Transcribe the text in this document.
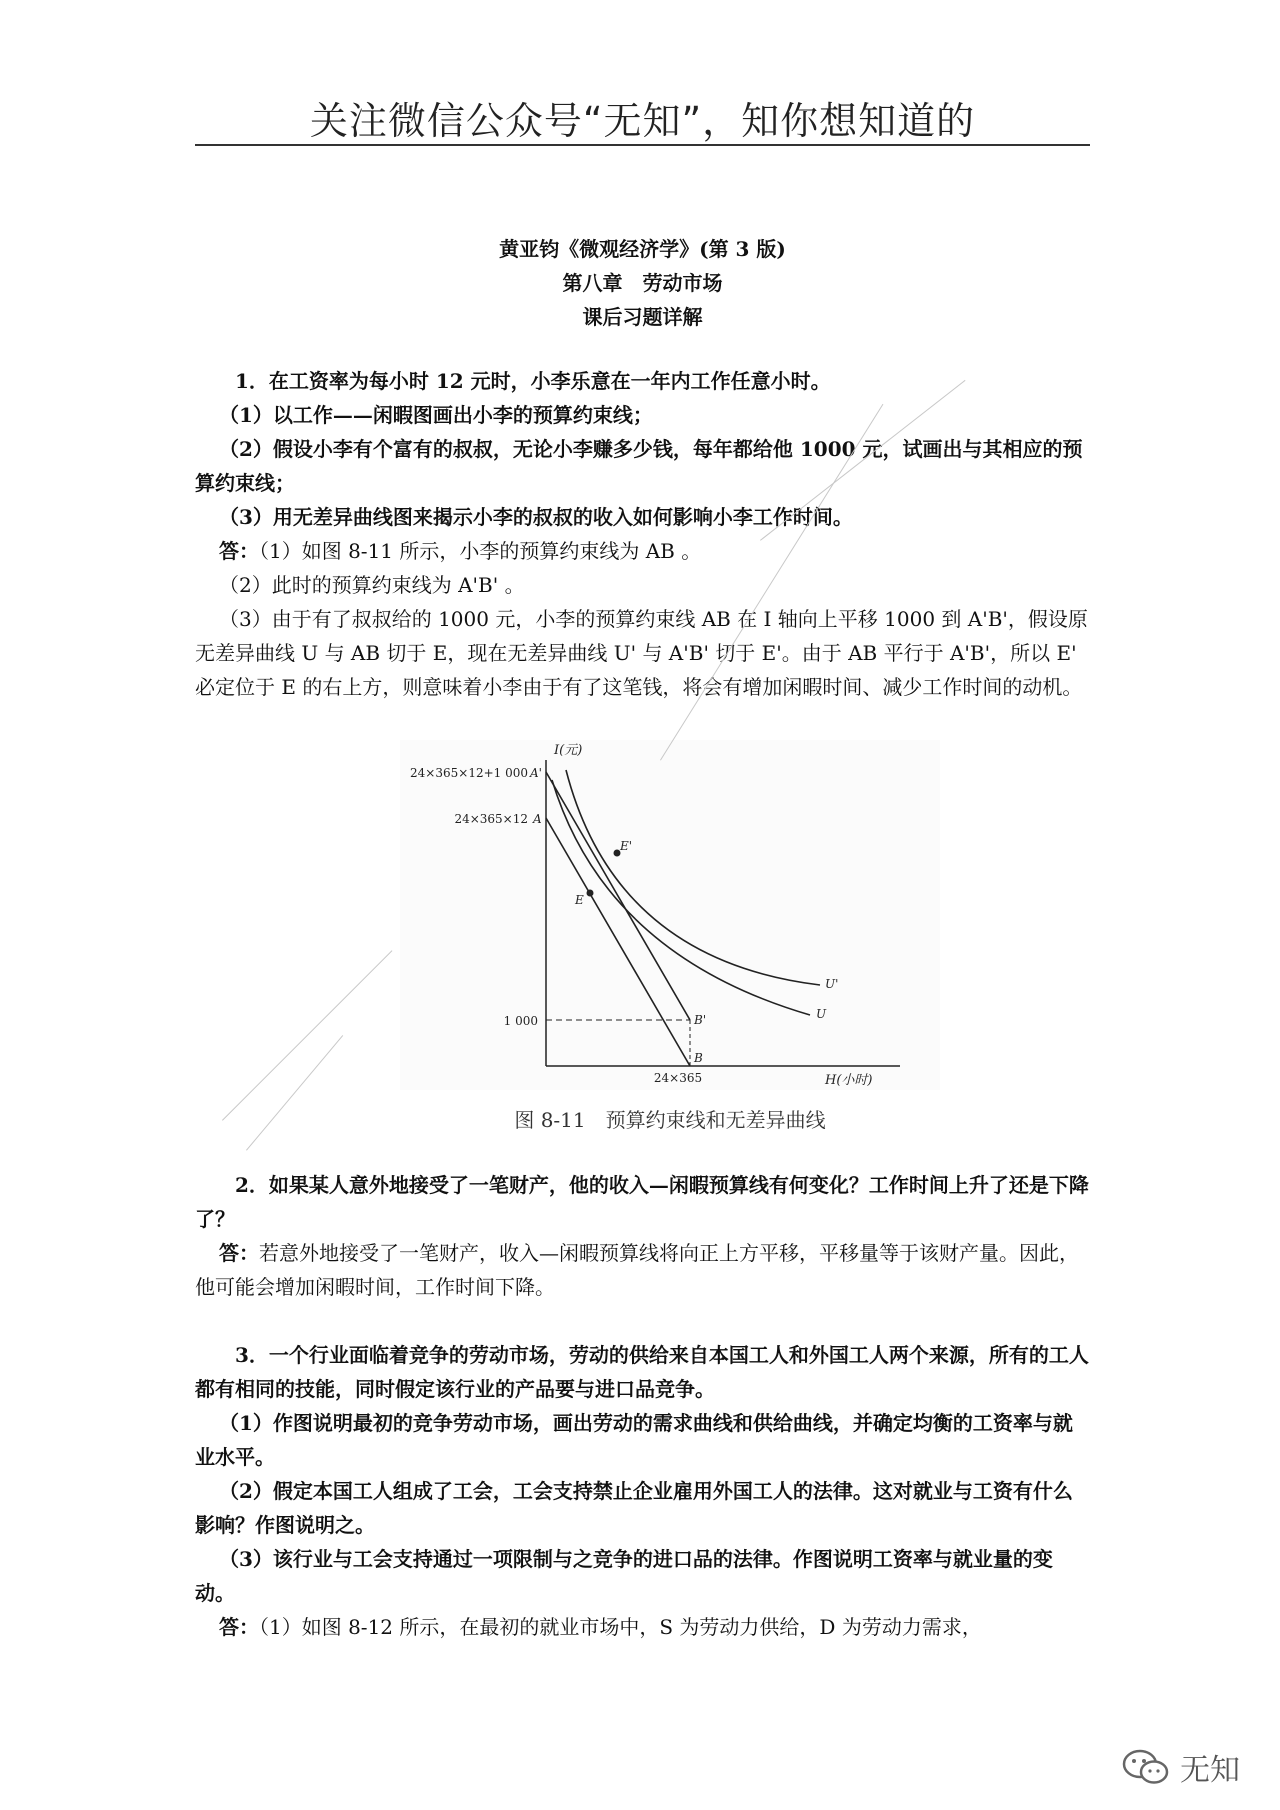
关注微信公众号“无知”，知你想知道的
黄亚钧《微观经济学》(第 3 版)
第八章　劳动市场
课后习题详解

1．在工资率为每小时 12 元时，小李乐意在一年内工作任意小时。

（1）以工作——闲暇图画出小李的预算约束线；

（2）假设小李有个富有的叔叔，无论小李赚多少钱，每年都给他 1000 元，试画出与其相应的预算约束线；

（3）用无差异曲线图来揭示小李的叔叔的收入如何影响小李工作时间。

答：（1）如图 8-11 所示，小李的预算约束线为 AB 。

（2）此时的预算约束线为 A'B' 。

（3）由于有了叔叔给的 1000 元，小李的预算约束线 AB 在 I 轴向上平移 1000 到 A'B'，假设原无差异曲线 U 与 AB 切于 E，现在无差异曲线 U' 与 A'B' 切于 E'。由于 AB 平行于 A'B'，所以 E' 必定位于 E 的右上方，则意味着小李由于有了这笔钱，将会有增加闲暇时间、减少工作时间的动机。

I(元)
H(小时)
24×365×12+1 000 A'
24×365×12 A
1 000	B'
B
24×365
E'
E
U'
U
图 8-11　预算约束线和无差异曲线

2．如果某人意外地接受了一笔财产，他的收入—闲暇预算线有何变化？工作时间上升了还是下降了？

答：若意外地接受了一笔财产，收入—闲暇预算线将向正上方平移，平移量等于该财产量。因此，他可能会增加闲暇时间，工作时间下降。

3．一个行业面临着竞争的劳动市场，劳动的供给来自本国工人和外国工人两个来源，所有的工人都有相同的技能，同时假定该行业的产品要与进口品竞争。

（1）作图说明最初的竞争劳动市场，画出劳动的需求曲线和供给曲线，并确定均衡的工资率与就业水平。

（2）假定本国工人组成了工会，工会支持禁止企业雇用外国工人的法律。这对就业与工资有什么影响？作图说明之。

（3）该行业与工会支持通过一项限制与之竞争的进口品的法律。作图说明工资率与就业量的变动。

答：（1）如图 8-12 所示，在最初的就业市场中，S 为劳动力供给，D 为劳动力需求，

无知
